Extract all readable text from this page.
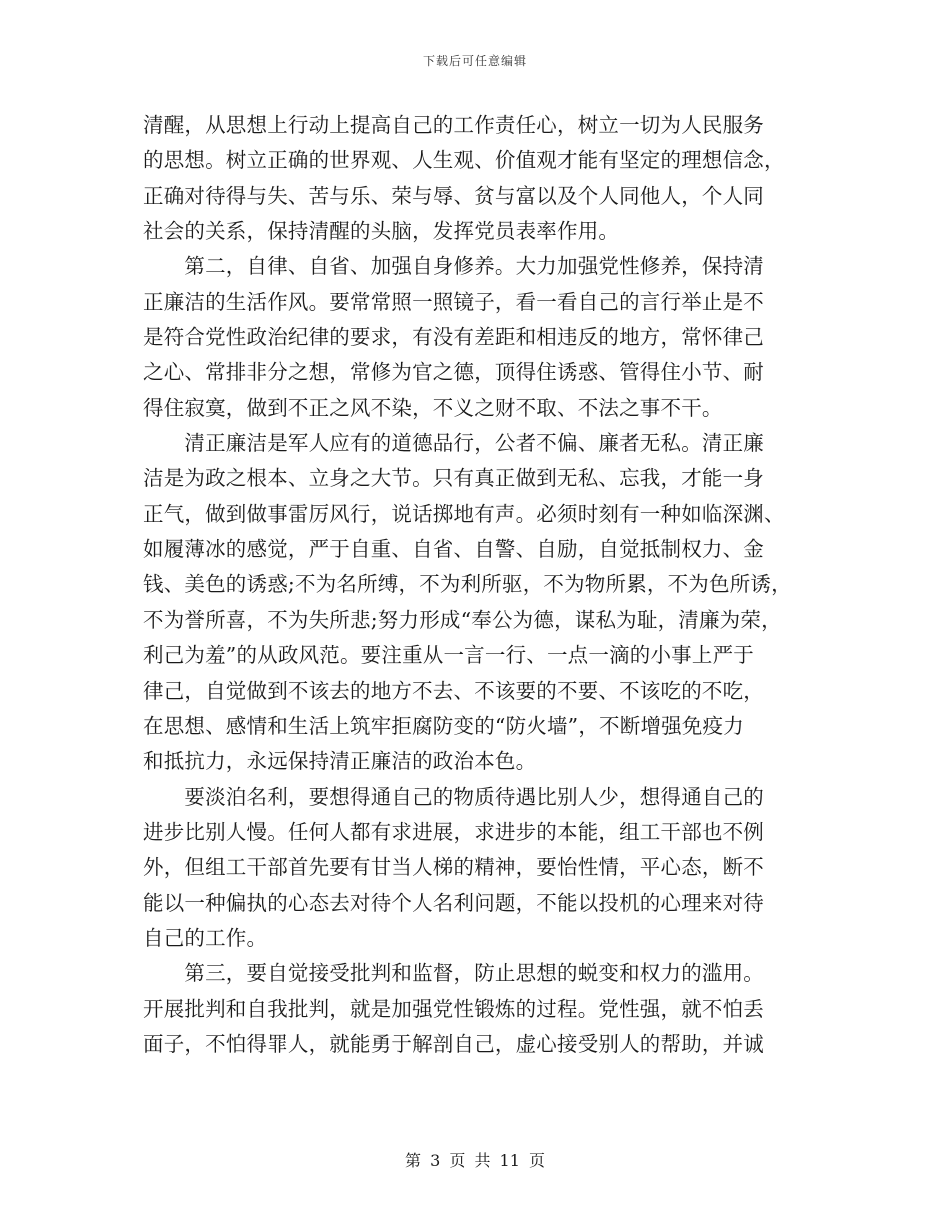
下载后可任意编辑
清醒，从思想上行动上提高自己的工作责任心，树立一切为人民服务
的思想。树立正确的世界观、人生观、价值观才能有坚定的理想信念，
正确对待得与失、苦与乐、荣与辱、贫与富以及个人同他人，个人同
社会的关系，保持清醒的头脑，发挥党员表率作用。
　　第二，自律、自省、加强自身修养。大力加强党性修养，保持清
正廉洁的生活作风。要常常照一照镜子，看一看自己的言行举止是不
是符合党性政治纪律的要求，有没有差距和相违反的地方，常怀律己
之心、常排非分之想，常修为官之德，顶得住诱惑、管得住小节、耐
得住寂寞，做到不正之风不染，不义之财不取、不法之事不干。
　　清正廉洁是军人应有的道德品行，公者不偏、廉者无私。清正廉
洁是为政之根本、立身之大节。只有真正做到无私、忘我，才能一身
正气，做到做事雷厉风行，说话掷地有声。必须时刻有一种如临深渊、
如履薄冰的感觉，严于自重、自省、自警、自励，自觉抵制权力、金
钱、美色的诱惑;不为名所缚，不为利所驱，不为物所累，不为色所诱，
不为誉所喜，不为失所悲;努力形成“奉公为德，谋私为耻，清廉为荣，
利己为羞”的从政风范。要注重从一言一行、一点一滴的小事上严于
律己，自觉做到不该去的地方不去、不该要的不要、不该吃的不吃，
在思想、感情和生活上筑牢拒腐防变的“防火墙”，不断增强免疫力
和抵抗力，永远保持清正廉洁的政治本色。
　　要淡泊名利，要想得通自己的物质待遇比别人少，想得通自己的
进步比别人慢。任何人都有求进展，求进步的本能，组工干部也不例
外，但组工干部首先要有甘当人梯的精神，要怡性情，平心态，断不
能以一种偏执的心态去对待个人名利问题，不能以投机的心理来对待
自己的工作。
　　第三，要自觉接受批判和监督，防止思想的蜕变和权力的滥用。
开展批判和自我批判，就是加强党性锻炼的过程。党性强，就不怕丢
面子，不怕得罪人，就能勇于解剖自己，虚心接受别人的帮助，并诚
第 3 页 共 11 页
